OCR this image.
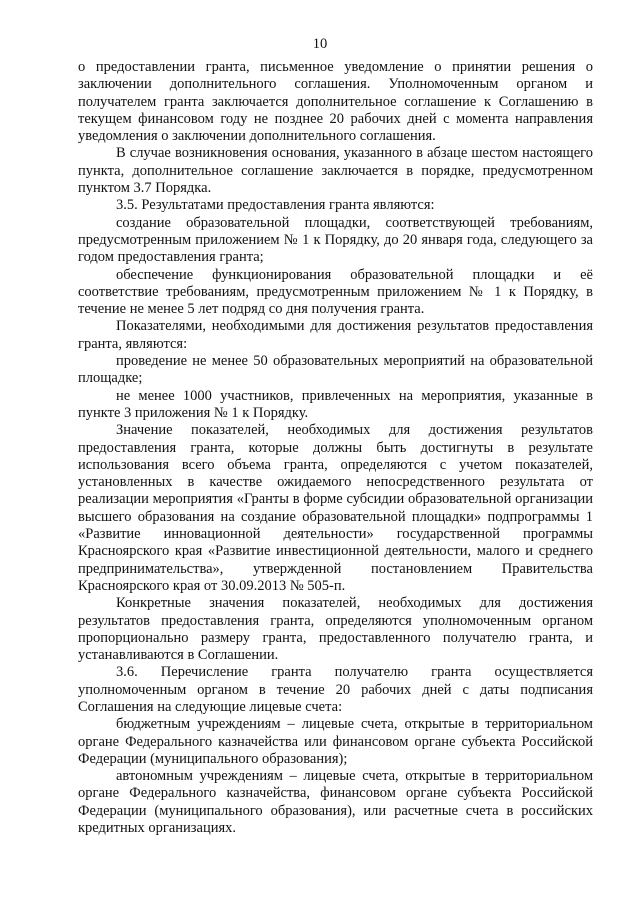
10

о предоставлении гранта, письменное уведомление о принятии решения о заключении дополнительного соглашения. Уполномоченным органом и получателем гранта заключается дополнительное соглашение к Соглашению в текущем финансовом году не позднее 20 рабочих дней с момента направления уведомления о заключении дополнительного соглашения.

В случае возникновения основания, указанного в абзаце шестом настоящего пункта, дополнительное соглашение заключается в порядке, предусмотренном пунктом 3.7 Порядка.

3.5. Результатами предоставления гранта являются:

создание образовательной площадки, соответствующей требованиям, предусмотренным приложением № 1 к Порядку, до 20 января года, следующего за годом предоставления гранта;

обеспечение функционирования образовательной площадки и её соответствие требованиям, предусмотренным приложением № 1 к Порядку, в течение не менее 5 лет подряд со дня получения гранта.

Показателями, необходимыми для достижения результатов предоставления гранта, являются:

проведение не менее 50 образовательных мероприятий на образовательной площадке;

не менее 1000 участников, привлеченных на мероприятия, указанные в пункте 3 приложения № 1 к Порядку.

Значение показателей, необходимых для достижения результатов предоставления гранта, которые должны быть достигнуты в результате использования всего объема гранта, определяются с учетом показателей, установленных в качестве ожидаемого непосредственного результата от реализации мероприятия «Гранты в форме субсидии образовательной организации высшего образования на создание образовательной площадки» подпрограммы 1 «Развитие инновационной деятельности» государственной программы Красноярского края «Развитие инвестиционной деятельности, малого и среднего предпринимательства», утвержденной постановлением Правительства Красноярского края от 30.09.2013 № 505-п.

Конкретные значения показателей, необходимых для достижения результатов предоставления гранта, определяются уполномоченным органом пропорционально размеру гранта, предоставленного получателю гранта, и устанавливаются в Соглашении.

3.6. Перечисление гранта получателю гранта осуществляется уполномоченным органом в течение 20 рабочих дней с даты подписания Соглашения на следующие лицевые счета:

бюджетным учреждениям – лицевые счета, открытые в территориальном органе Федерального казначейства или финансовом органе субъекта Российской Федерации (муниципального образования);

автономным учреждениям – лицевые счета, открытые в территориальном органе Федерального казначейства, финансовом органе субъекта Российской Федерации (муниципального образования), или расчетные счета в российских кредитных организациях.
